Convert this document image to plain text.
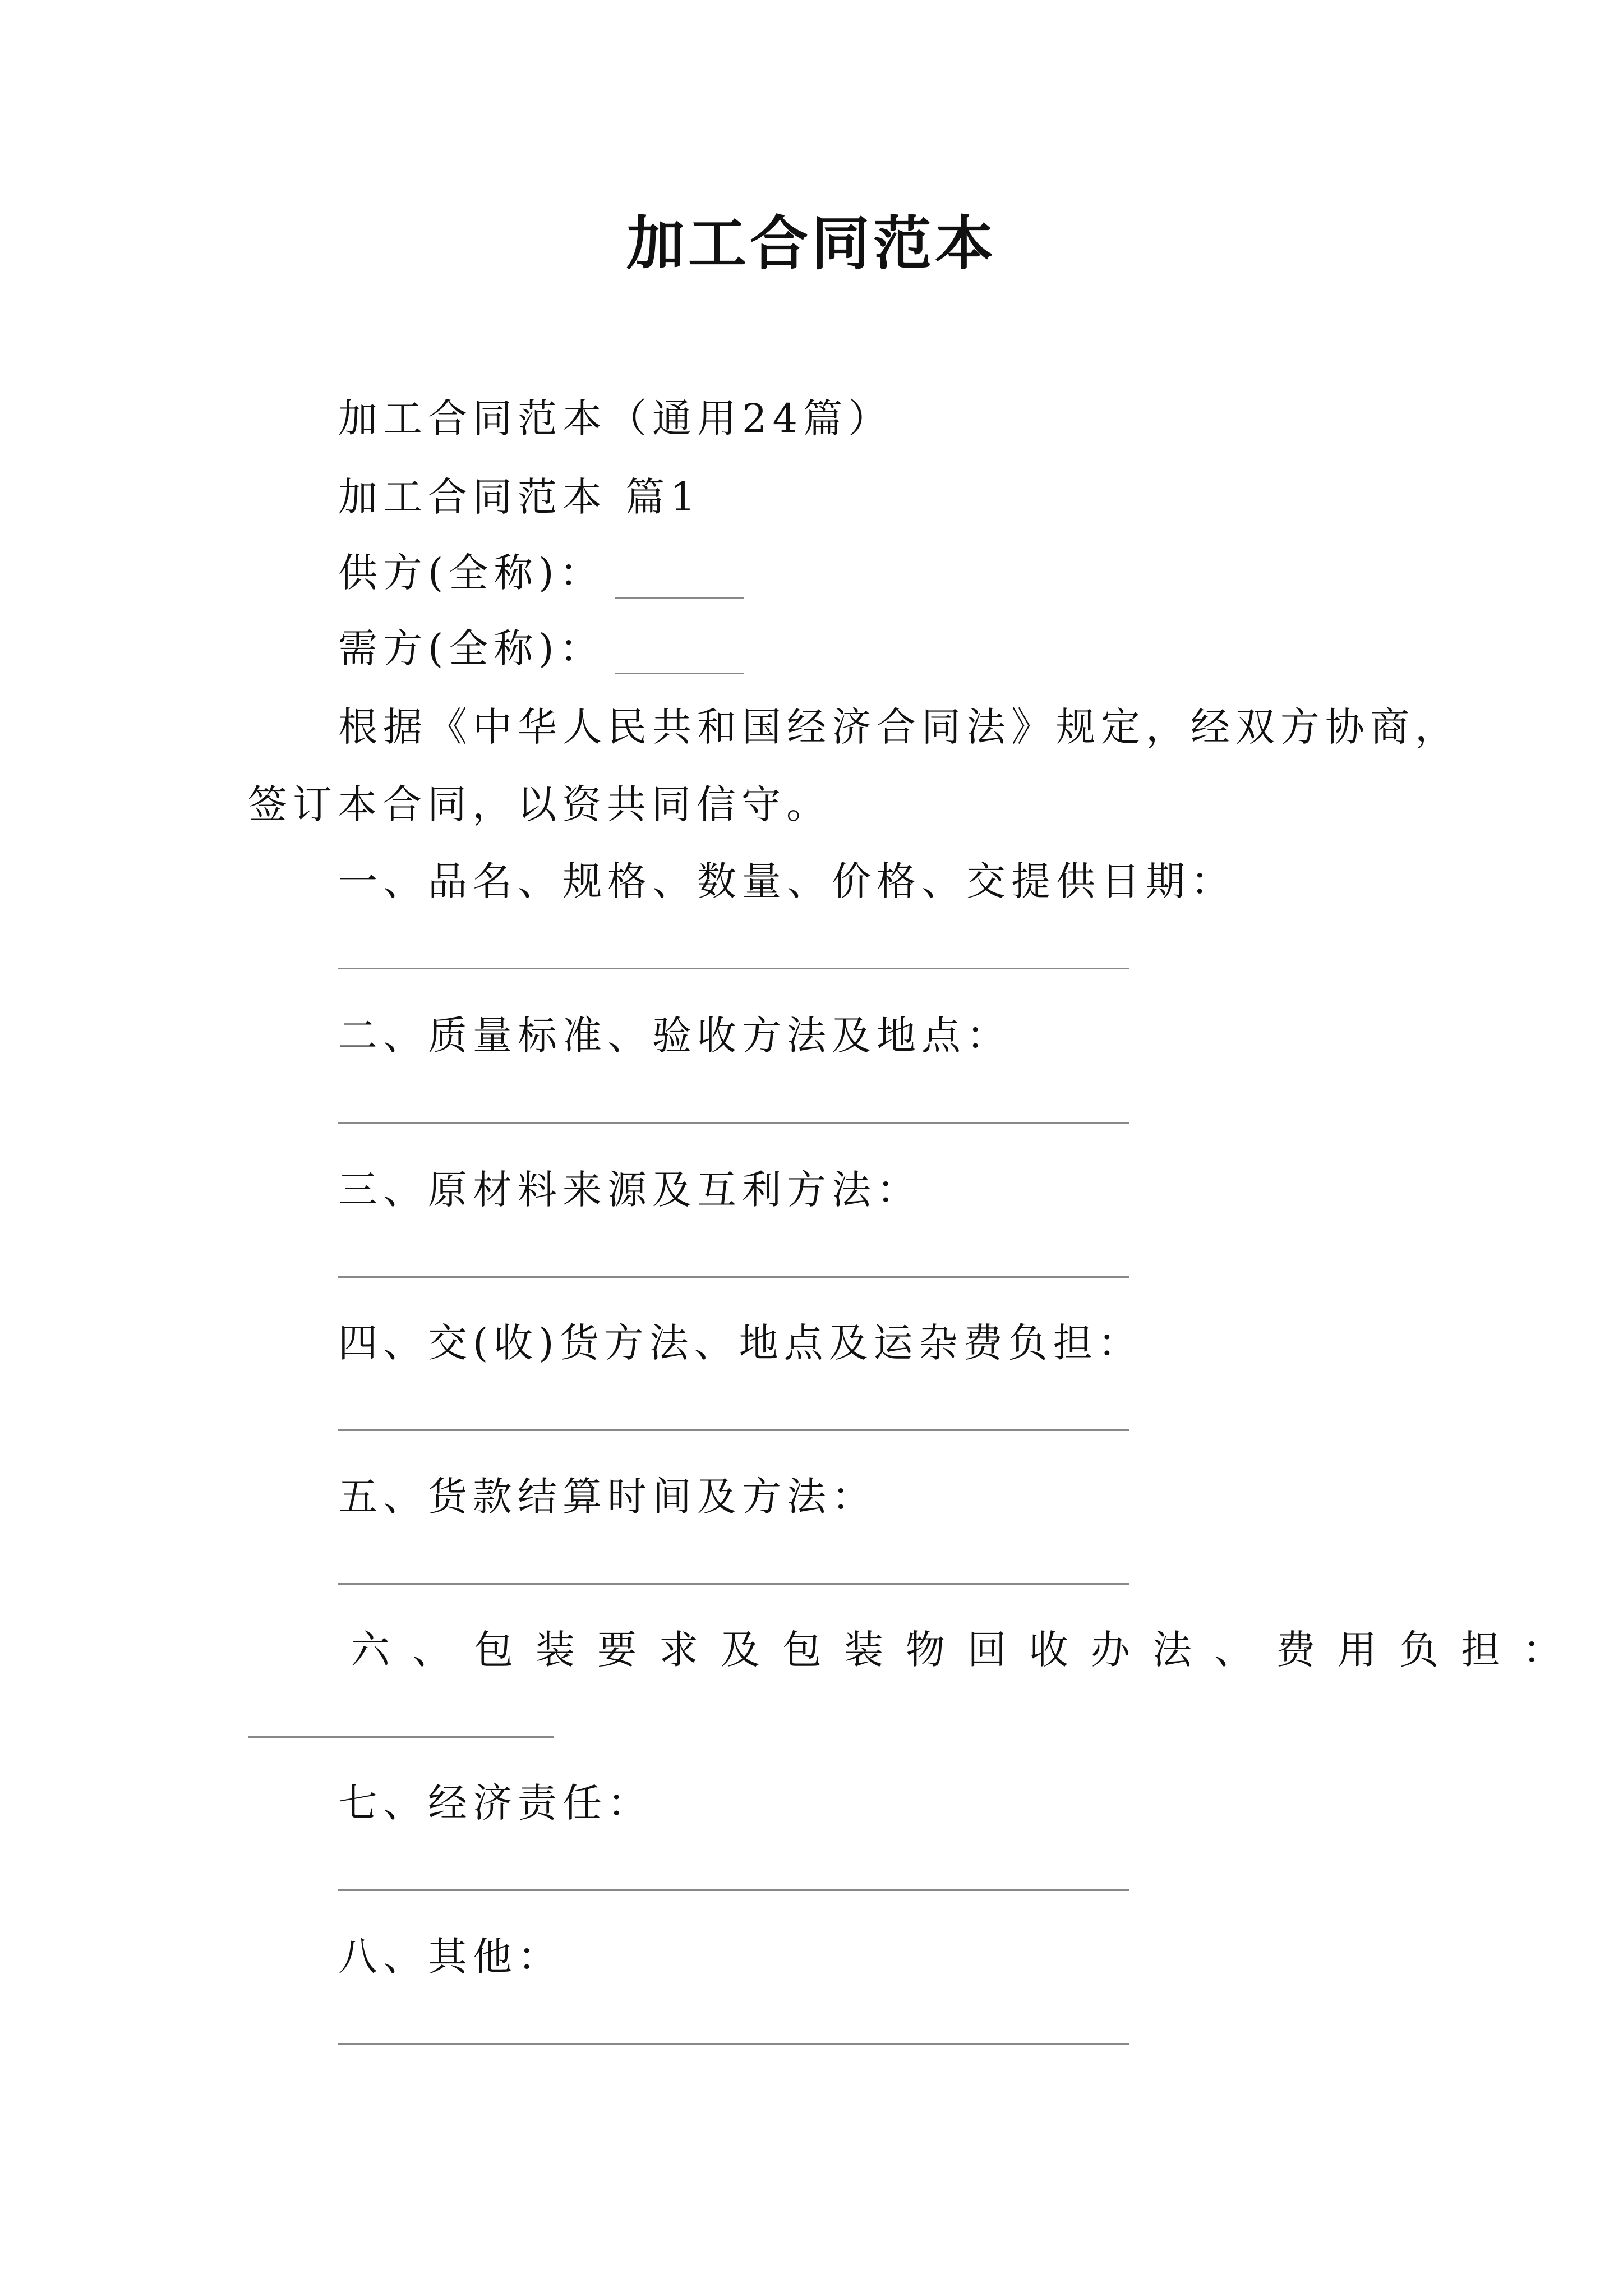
加工合同范本
加工合同范本（通用24篇）
加工合同范本 篇1
供方(全称)：
需方(全称)：
根据《中华人民共和国经济合同法》规定，经双方协商，
签订本合同，以资共同信守。
一、品名、规格、数量、价格、交提供日期：
二、质量标准、验收方法及地点：
三、原材料来源及互利方法：
四、交(收)货方法、地点及运杂费负担：
五、货款结算时间及方法：
六、包装要求及包装物回收办法、费用负担：
七、经济责任：
八、其他：
